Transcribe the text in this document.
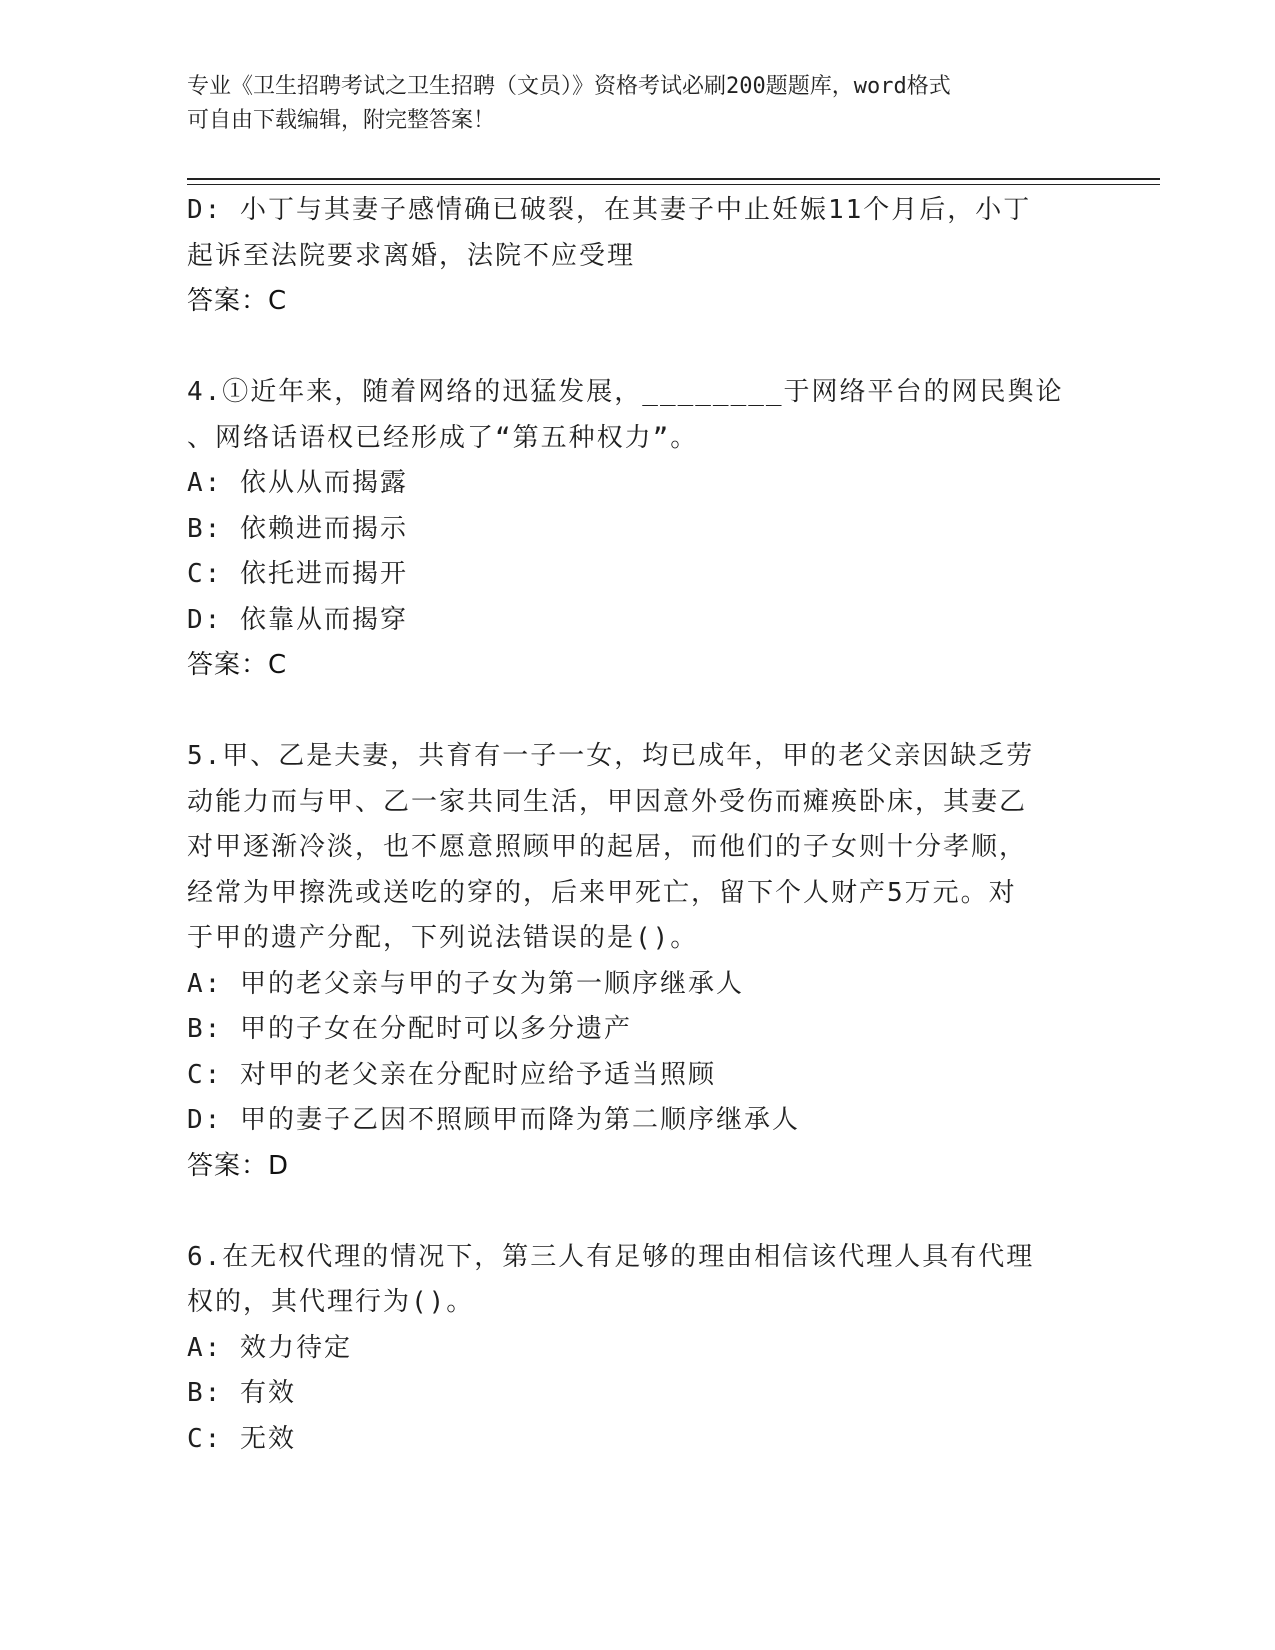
专业《卫生招聘考试之卫生招聘（文员）》资格考试必刷200题题库，word格式
可自由下载编辑，附完整答案！
D: 小丁与其妻子感情确已破裂，在其妻子中止妊娠11个月后，小丁
起诉至法院要求离婚，法院不应受理
答案：C
4.①近年来，随着网络的迅猛发展，________于网络平台的网民舆论
、网络话语权已经形成了“第五种权力”。
A: 依从从而揭露
B: 依赖进而揭示
C: 依托进而揭开
D: 依靠从而揭穿
答案：C
5.甲、乙是夫妻，共育有一子一女，均已成年，甲的老父亲因缺乏劳
动能力而与甲、乙一家共同生活，甲因意外受伤而瘫痪卧床，其妻乙
对甲逐渐冷淡，也不愿意照顾甲的起居，而他们的子女则十分孝顺，
经常为甲擦洗或送吃的穿的，后来甲死亡，留下个人财产5万元。对
于甲的遗产分配，下列说法错误的是()。
A: 甲的老父亲与甲的子女为第一顺序继承人
B: 甲的子女在分配时可以多分遗产
C: 对甲的老父亲在分配时应给予适当照顾
D: 甲的妻子乙因不照顾甲而降为第二顺序继承人
答案：D
6.在无权代理的情况下，第三人有足够的理由相信该代理人具有代理
权的，其代理行为()。
A: 效力待定
B: 有效
C: 无效
